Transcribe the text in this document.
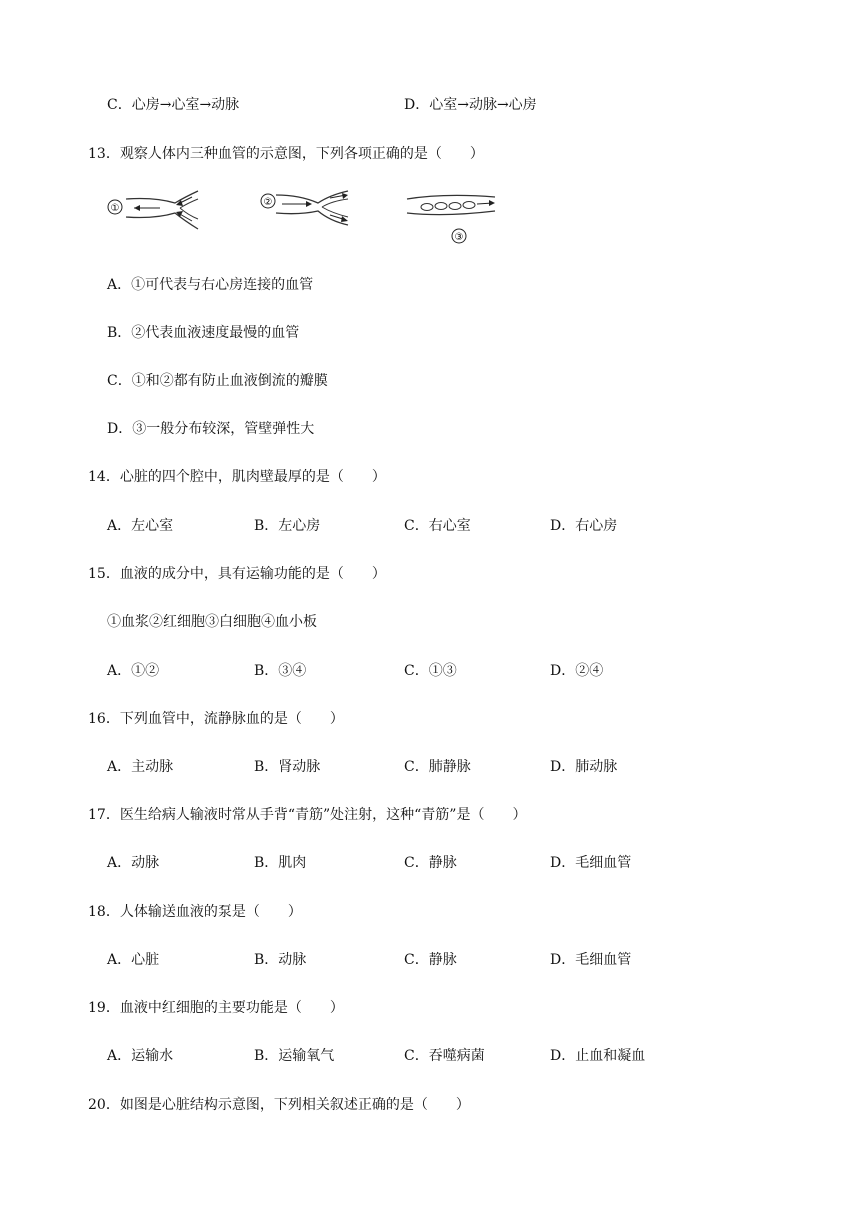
C．心房→心室→动脉	D．心室→动脉→心房
13．观察人体内三种血管的示意图，下列各项正确的是（　　）
①
②
③
A．①可代表与右心房连接的血管
B．②代表血液速度最慢的血管
C．①和②都有防止血液倒流的瓣膜
D．③一般分布较深，管壁弹性大
14．心脏的四个腔中，肌肉壁最厚的是（　　）
A．左心室	B．左心房	C．右心室	D．右心房
15．血液的成分中，具有运输功能的是（　　）
①血浆②红细胞③白细胞④血小板
A．①②	B．③④	C．①③	D．②④
16．下列血管中，流静脉血的是（　　）
A．主动脉	B．肾动脉	C．肺静脉	D．肺动脉
17．医生给病人输液时常从手背“青筋”处注射，这种“青筋”是（　　）
A．动脉	B．肌肉	C．静脉	D．毛细血管
18．人体输送血液的泵是（　　）
A．心脏	B．动脉	C．静脉	D．毛细血管
19．血液中红细胞的主要功能是（　　）
A．运输水	B．运输氧气	C．吞噬病菌	D．止血和凝血
20．如图是心脏结构示意图，下列相关叙述正确的是（　　）
